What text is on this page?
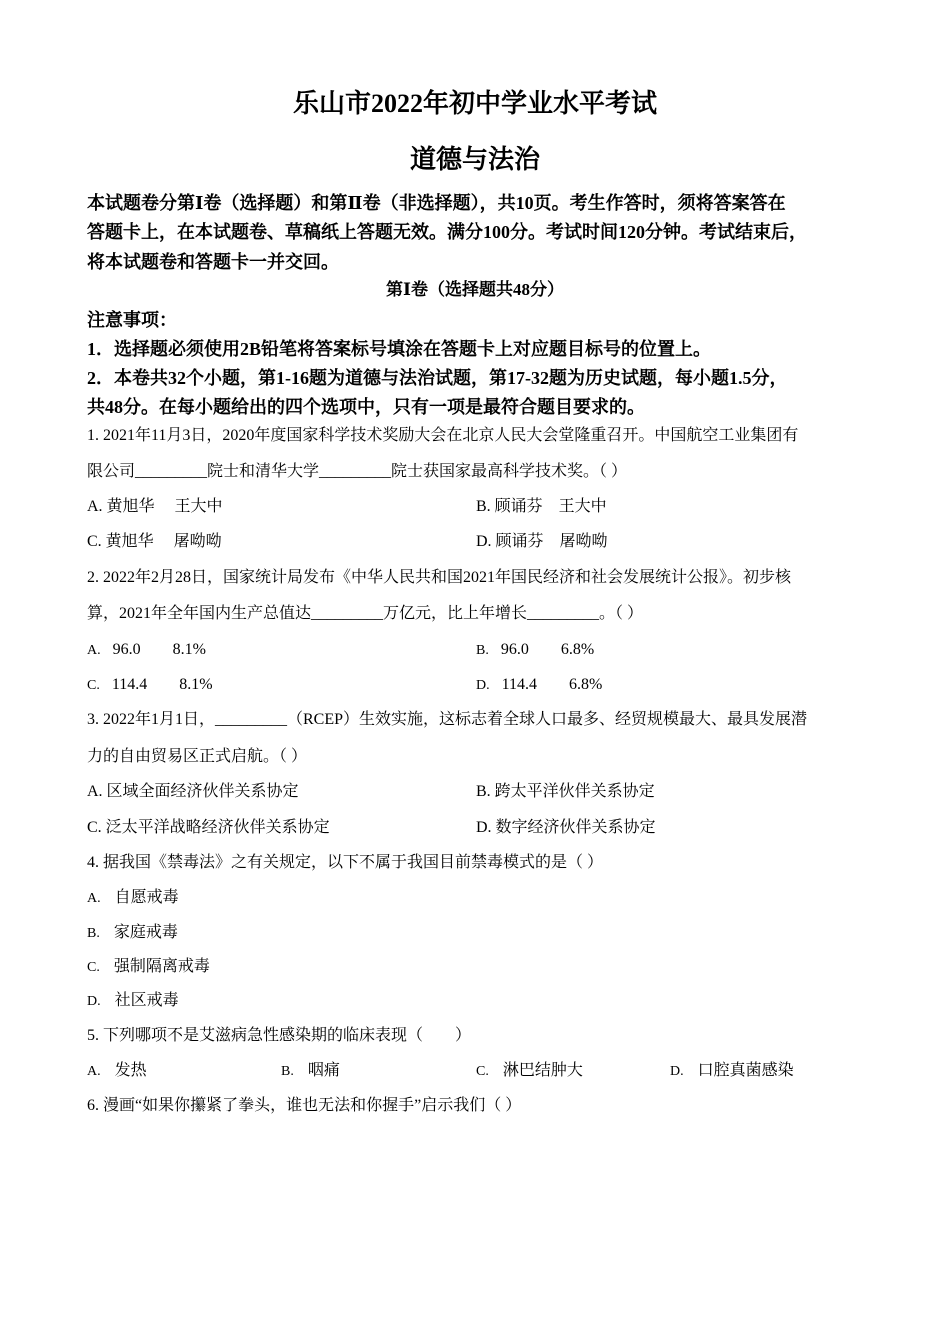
乐山市2022年初中学业水平考试
道德与法治
本试题卷分第Ⅰ卷（选择题）和第Ⅱ卷（非选择题），共10页。考生作答时，须将答案答在
答题卡上，在本试题卷、草稿纸上答题无效。满分100分。考试时间120分钟。考试结束后，
将本试题卷和答题卡一并交回。
第Ⅰ卷（选择题共48分）
注意事项：
1．选择题必须使用2B铅笔将答案标号填涂在答题卡上对应题目标号的位置上。
2．本卷共32个小题，第1-16题为道德与法治试题，第17-32题为历史试题，每小题1.5分，
共48分。在每小题给出的四个选项中，只有一项是最符合题目要求的。
1. 2021年11月3日，2020年度国家科学技术奖励大会在北京人民大会堂隆重召开。中国航空工业集团有
限公司_________院士和清华大学_________院士获国家最高科学技术奖。（ ）
A. 黄旭华　 王大中	B. 顾诵芬　王大中
C. 黄旭华　 屠呦呦	D. 顾诵芬　屠呦呦
2. 2022年2月28日，国家统计局发布《中华人民共和国2021年国民经济和社会发展统计公报》。初步核
算，2021年全年国内生产总值达_________万亿元，比上年增长_________。（ ）
A. 96.0　　8.1%	B. 96.0　　6.8%
C. 114.4　　8.1%	D. 114.4　　6.8%
3. 2022年1月1日，_________（RCEP）生效实施，这标志着全球人口最多、经贸规模最大、最具发展潜
力的自由贸易区正式启航。（ ）
A. 区域全面经济伙伴关系协定	B. 跨太平洋伙伴关系协定
C. 泛太平洋战略经济伙伴关系协定	D. 数字经济伙伴关系协定
4. 据我国《禁毒法》之有关规定，以下不属于我国目前禁毒模式的是（ ）
A. 自愿戒毒
B. 家庭戒毒
C. 强制隔离戒毒
D. 社区戒毒
5. 下列哪项不是艾滋病急性感染期的临床表现（　　）
A. 发热	B. 咽痛	C. 淋巴结肿大	D. 口腔真菌感染
6. 漫画“如果你攥紧了拳头，谁也无法和你握手”启示我们（ ）
